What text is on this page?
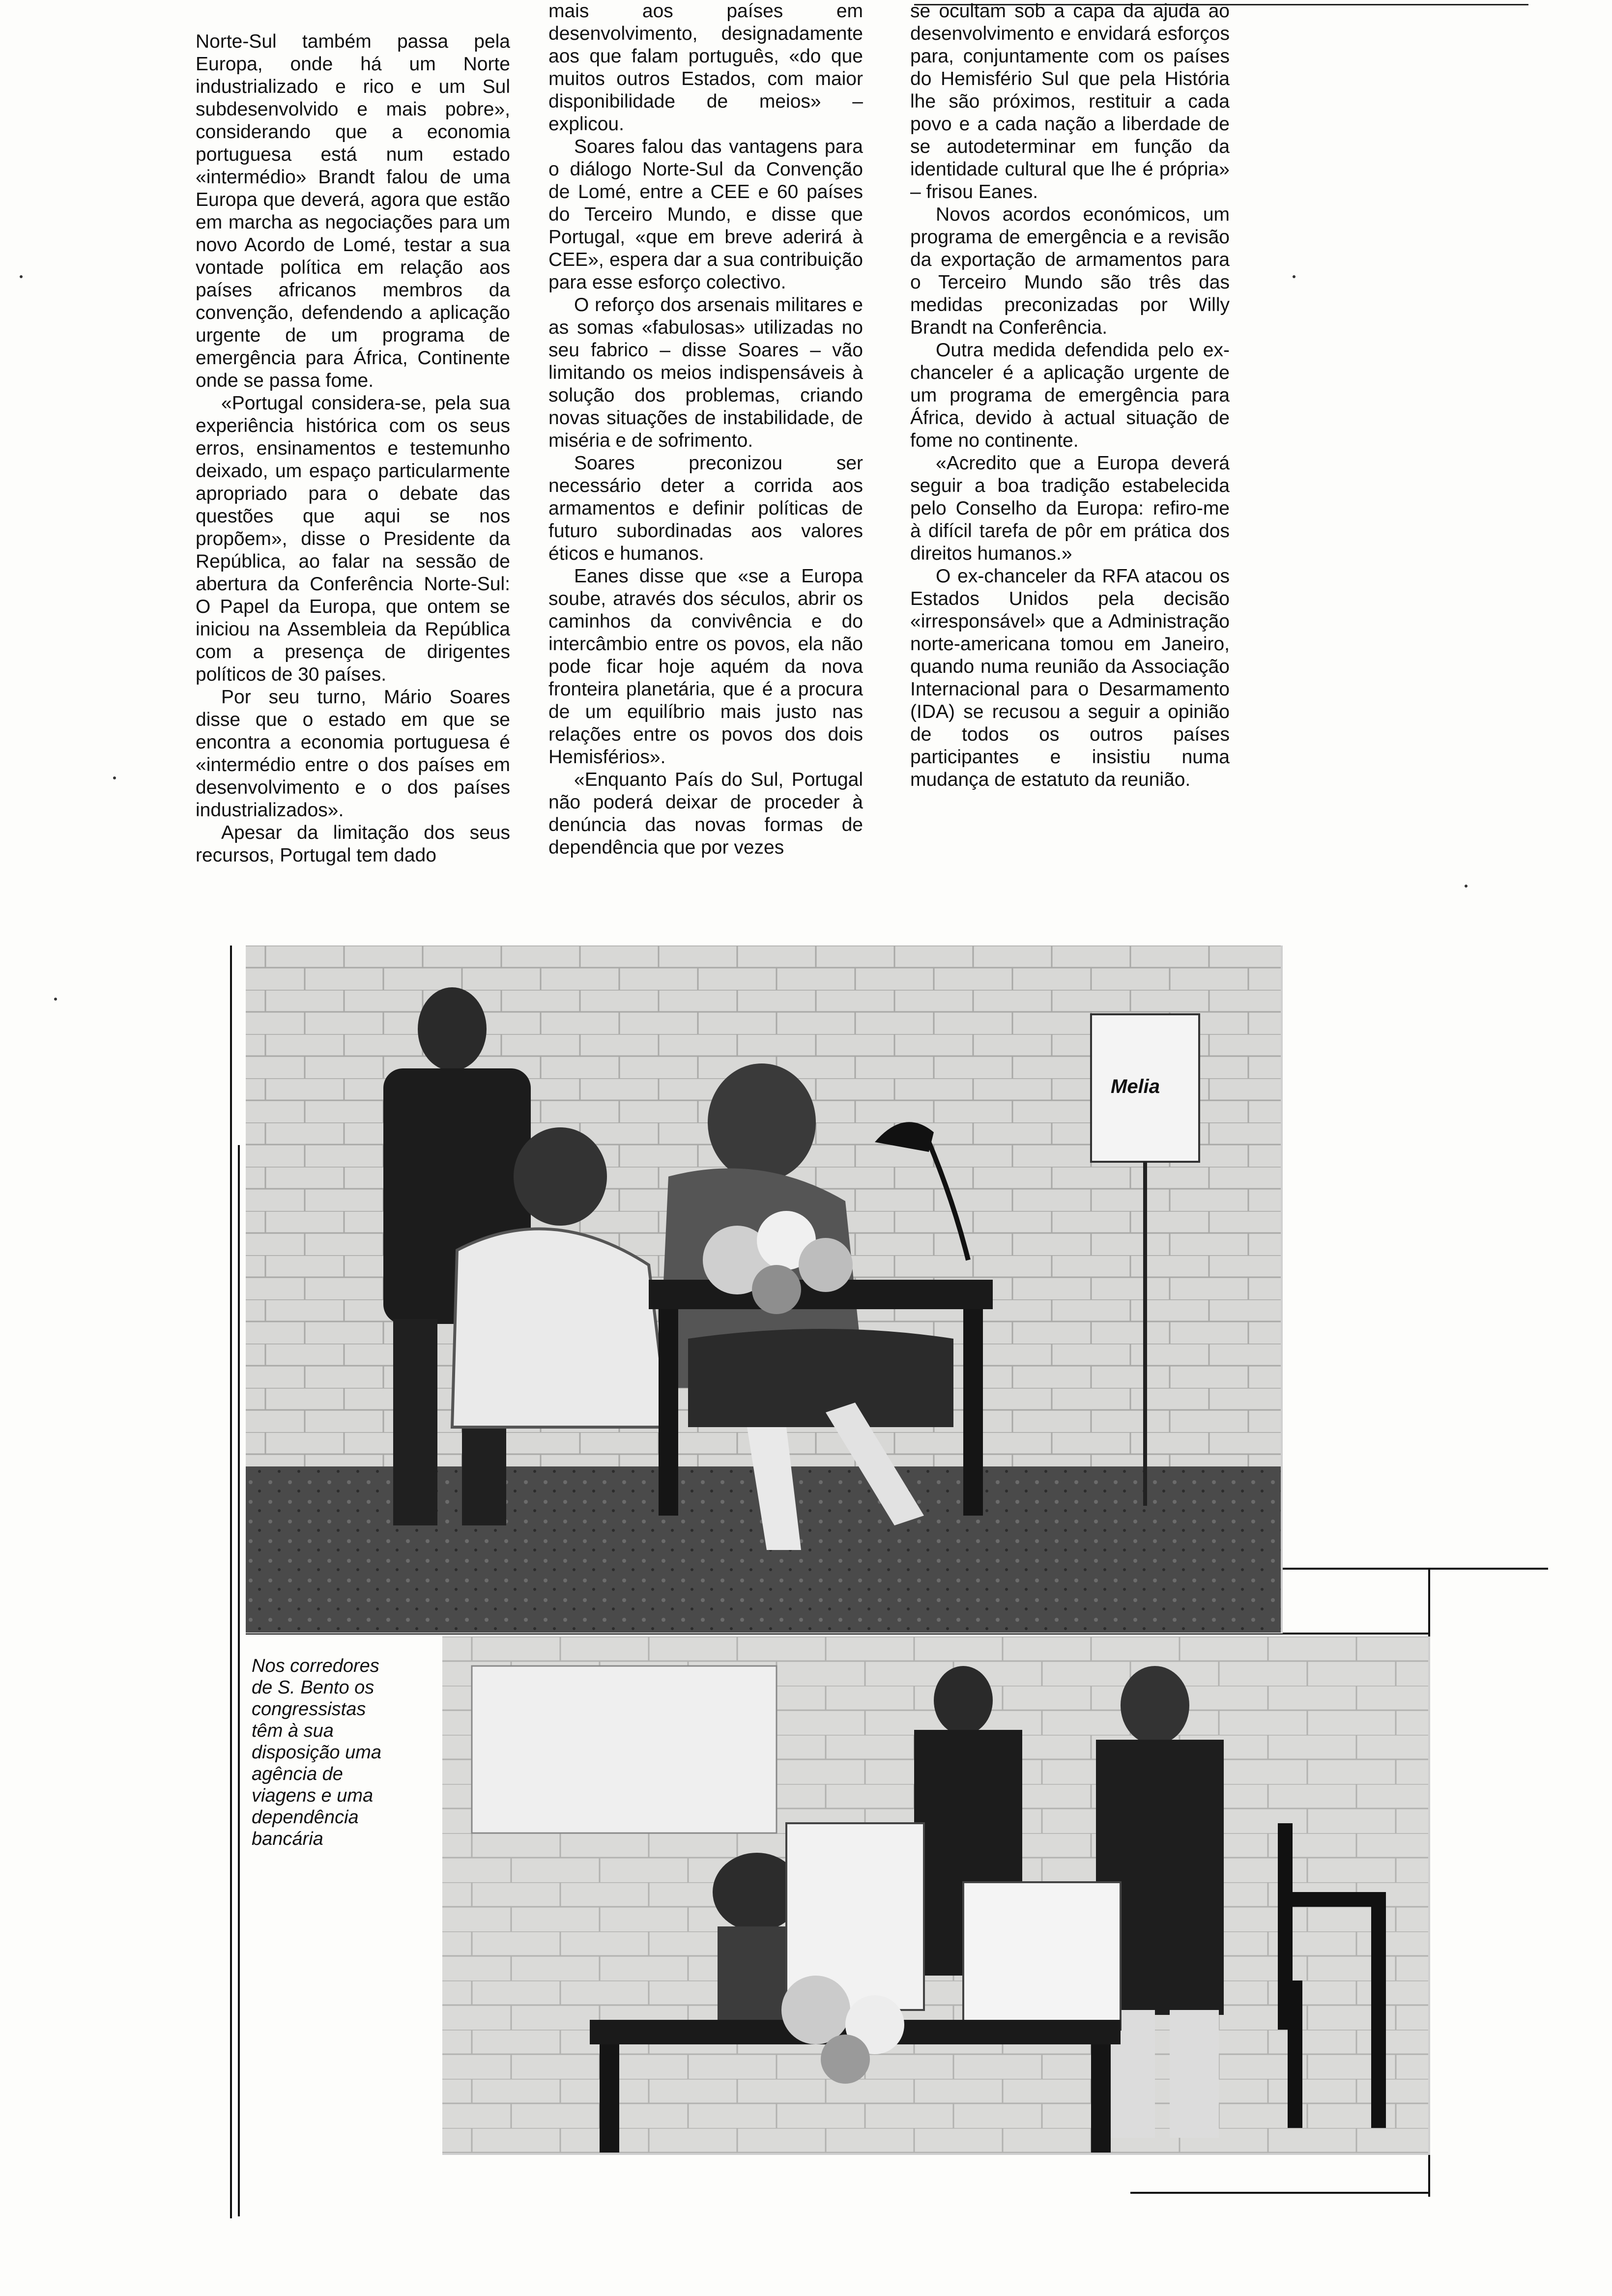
Norte-Sul também passa pela Europa, onde há um Norte industrializado e rico e um Sul subdesenvolvido e mais pobre», considerando que a economia portuguesa está num estado «intermédio» Brandt falou de uma Europa que deverá, agora que estão em marcha as negociações para um novo Acordo de Lomé, testar a sua vontade política em relação aos países africanos membros da convenção, defendendo a aplicação urgente de um programa de emergência para África, Continente onde se passa fome.

«Portugal considera-se, pela sua experiência histórica com os seus erros, ensinamentos e testemunho deixado, um espaço particularmente apropriado para o debate das questões que aqui se nos propõem», disse o Presidente da República, ao falar na sessão de abertura da Conferência Norte-Sul: O Papel da Europa, que ontem se iniciou na Assembleia da República com a presença de dirigentes políticos de 30 países.

Por seu turno, Mário Soares disse que o estado em que se encontra a economia portuguesa é «intermédio entre o dos países em desenvolvimento e o dos países industrializados».

Apesar da limitação dos seus recursos, Portugal tem dado

mais aos países em desenvolvimento, designadamente aos que falam português, «do que muitos outros Estados, com maior disponibilidade de meios» – explicou.

Soares falou das vantagens para o diálogo Norte-Sul da Convenção de Lomé, entre a CEE e 60 países do Terceiro Mundo, e disse que Portugal, «que em breve aderirá à CEE», espera dar a sua contribuição para esse esforço colectivo.

O reforço dos arsenais militares e as somas «fabulosas» utilizadas no seu fabrico – disse Soares – vão limitando os meios indispensáveis à solução dos problemas, criando novas situações de instabilidade, de miséria e de sofrimento.

Soares preconizou ser necessário deter a corrida aos armamentos e definir políticas de futuro subordinadas aos valores éticos e humanos.

Eanes disse que «se a Europa soube, através dos séculos, abrir os caminhos da convivência e do intercâmbio entre os povos, ela não pode ficar hoje aquém da nova fronteira planetária, que é a procura de um equilíbrio mais justo nas relações entre os povos dos dois Hemisférios».

«Enquanto País do Sul, Portugal não poderá deixar de proceder à denúncia das novas formas de dependência que por vezes

se ocultam sob a capa da ajuda ao desenvolvimento e envidará esforços para, conjuntamente com os países do Hemisfério Sul que pela História lhe são próximos, restituir a cada povo e a cada nação a liberdade de se autodeterminar em função da identidade cultural que lhe é própria» – frisou Eanes.

Novos acordos económicos, um programa de emergência e a revisão da exportação de armamentos para o Terceiro Mundo são três das medidas preconizadas por Willy Brandt na Conferência.

Outra medida defendida pelo ex-chanceler é a aplicação urgente de um programa de emergência para África, devido à actual situação de fome no continente.

«Acredito que a Europa deverá seguir a boa tradição estabelecida pelo Conselho da Europa: refiro-me à difícil tarefa de pôr em prática dos direitos humanos.»

O ex-chanceler da RFA atacou os Estados Unidos pela decisão «irresponsável» que a Administração norte-americana tomou em Janeiro, quando numa reunião da Associação Internacional para o Desarmamento (IDA) se recusou a seguir a opinião de todos os outros países participantes e insistiu numa mudança de estatuto da reunião.

Melia
Nos corredores de S. Bento os congressistas têm à sua disposição uma agência de viagens e uma dependência bancária
